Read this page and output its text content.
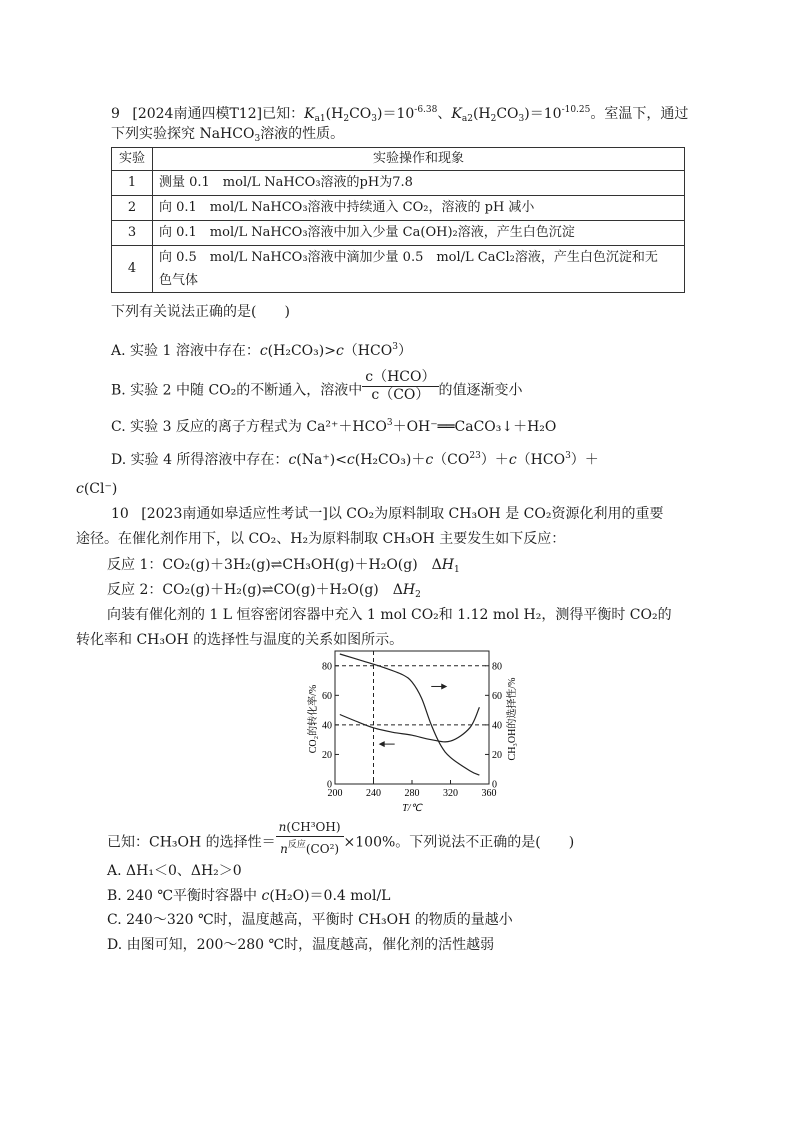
9 [2024南通四模T12]已知：$K_{a1}(H_2CO_3)=10^{-6.38}$、$K_{a2}(H_2CO_3)=10^{-10.25}$。室温下，通过
下列实验探究 NaHCO$_3$溶液的性质。
实验	实验操作和现象
1	测量 0.1　mol/L NaHCO₃溶液的pH为7.8
2	向 0.1　mol/L NaHCO₃溶液中持续通入 CO₂，溶液的 pH 减小
3	向 0.1　mol/L NaHCO₃溶液中加入少量 Ca(OH)₂溶液，产生白色沉淀
4	向 0.5　mol/L NaHCO₃溶液中滴加少量 0.5　mol/L CaCl₂溶液，产生白色沉淀和无
色气体
下列有关说法正确的是(　　)
A. 实验 1 溶液中存在：$c(H_2CO_3)>c(HCO^3)$
B. 实验 2 中随 CO₂的不断通入，溶液中 $\frac{\text{c（HCO）}}{c(CO)}$ 的值逐渐变小
C. 实验 3 反应的离子方程式为 $Ca^{2+}+HCO^3+OH^-══CaCO_3↓+H_2O$
D. 实验 4 所得溶液中存在：$c(Na^+)<c(H_2CO_3)+c(CO^{23})+c(HCO^3)+$
c(Cl⁻)
10 [2023南通如皋适应性考试一]以 CO₂为原料制取 CH₃OH 是 CO₂资源化利用的重要
途径。在催化剂作用下，以 CO₂、H₂为原料制取 CH₃OH 主要发生如下反应：
反应 1：CO₂(g)＋3H₂(g)⇌CH₃OH(g)＋H₂O(g)　$\Delta H_1$
反应 2：CO₂(g)＋H₂(g)⇌CO(g)＋H₂O(g)　$\Delta H_2$
向装有催化剂的 1 L 恒容密闭容器中充入 1 mol CO₂和 1.12 mol H₂，测得平衡时 CO₂的
转化率和 CH₃OH 的选择性与温度的关系如图所示。
200 240 280 320 360
0	0
20	20
40	40
60	60
80	80
T/℃
CO₂的转化率/%	CH₃OH的选择性/%
已知：CH₃OH 的选择性＝ $\frac{\text{n(CH³OH)}}{n^{反应}(CO^2)} \times 100\%$。下列说法不正确的是(　　)
A. ΔH₁＜0、ΔH₂＞0
B. 240 ℃平衡时容器中 c(H₂O)＝0.4 mol/L
C. 240～320 ℃时，温度越高，平衡时 CH₃OH 的物质的量越小
D. 由图可知，200～280 ℃时，温度越高，催化剂的活性越弱
